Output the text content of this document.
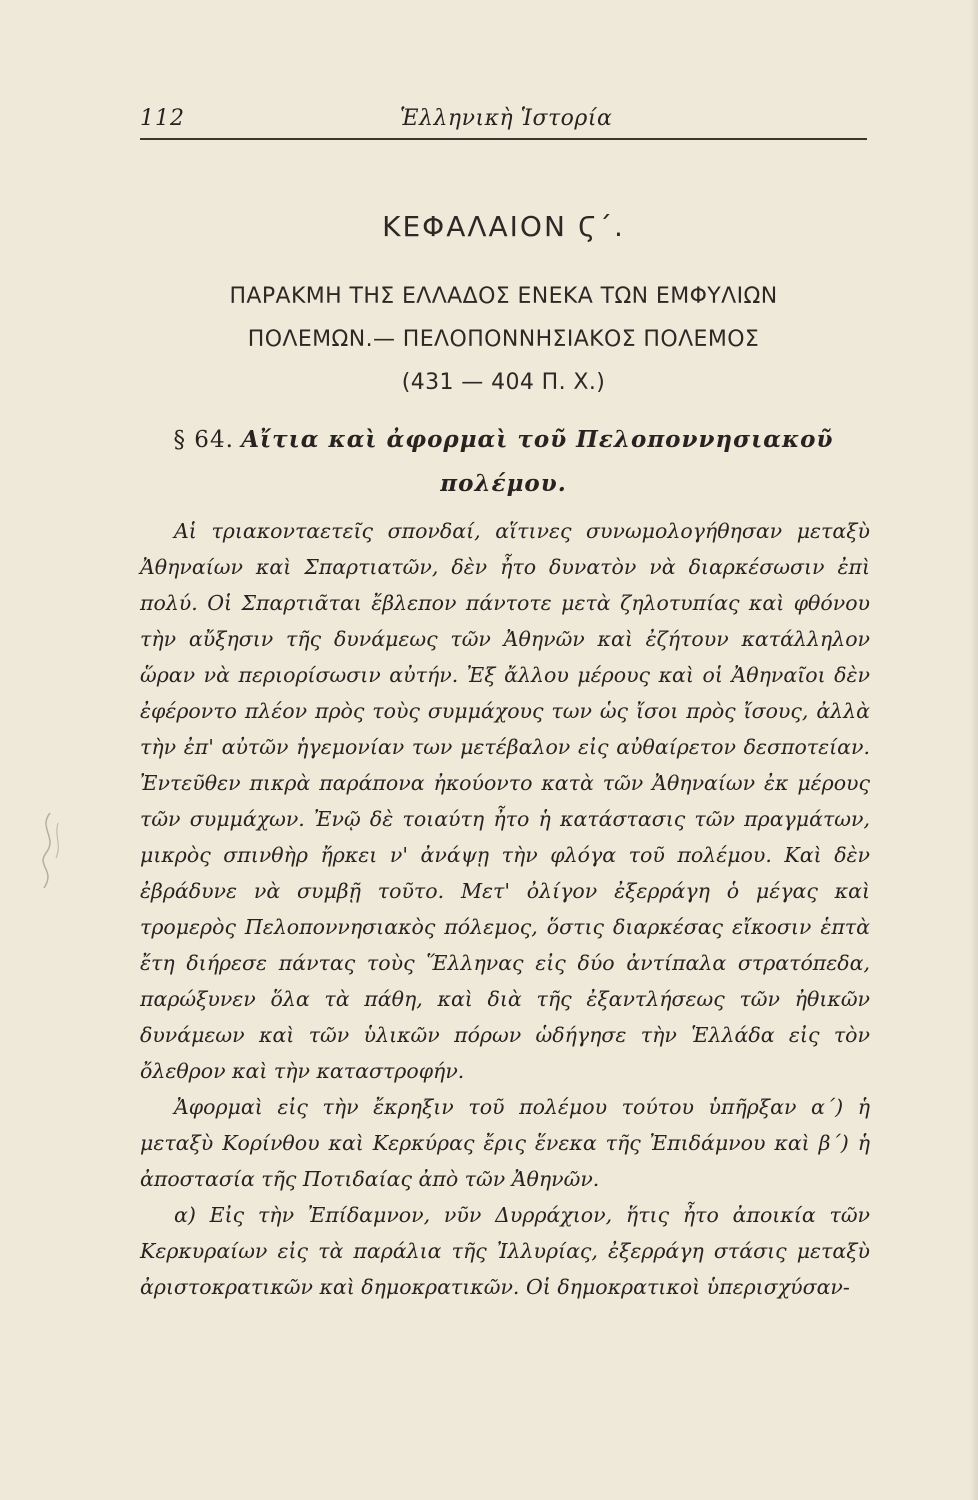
112	Ἑλληνικὴ Ἱστορία
ΚΕΦΑΛΑΙΟΝ Ϛ΄.
ΠΑΡΑΚΜΗ ΤΗΣ ΕΛΛΑΔΟΣ ΕΝΕΚΑ ΤΩΝ ΕΜΦΥΛΙΩΝ
ΠΟΛΕΜΩΝ.— ΠΕΛΟΠΟΝΝΗΣΙΑΚΟΣ ΠΟΛΕΜΟΣ
(431 — 404 Π. Χ.)
§ 64. Αἴτια καὶ ἀφορμαὶ τοῦ Πελοποννησιακοῦ
πολέμου.

Αἱ τριακονταετεῖς σπονδαί, αἵτινες συνωμολογήθησαν μεταξὺ Ἀθηναίων καὶ Σπαρτιατῶν, δὲν ἦτο δυνατὸν νὰ διαρκέσωσιν ἐπὶ πολύ. Οἱ Σπαρτιᾶται ἔβλεπον πάντοτε μετὰ ζηλοτυπίας καὶ φθόνου τὴν αὔξησιν τῆς δυνάμεως τῶν Ἀθηνῶν καὶ ἐζήτουν κατάλληλον ὥραν νὰ περιορίσωσιν αὐτήν. Ἐξ ἄλλου μέρους καὶ οἱ Ἀθηναῖοι δὲν ἐφέροντο πλέον πρὸς τοὺς συμμάχους των ὡς ἴσοι πρὸς ἴσους, ἀλλὰ τὴν ἐπ' αὐτῶν ἡγεμονίαν των μετέβαλον εἰς αὐθαίρετον δεσποτείαν. Ἐντεῦθεν πικρὰ παράπονα ἠκούοντο κατὰ τῶν Ἀθηναίων ἐκ μέρους τῶν συμμάχων. Ἐνῷ δὲ τοιαύτη ἦτο ἡ κατάστασις τῶν πραγμάτων, μικρὸς σπινθὴρ ἤρκει ν' ἀνάψῃ τὴν φλόγα τοῦ πολέμου. Καὶ δὲν ἐβράδυνε νὰ συμβῇ τοῦτο. Μετ' ὀλίγον ἐξερράγη ὁ μέγας καὶ τρομερὸς Πελοποννησιακὸς πόλεμος, ὅστις διαρκέσας εἴκοσιν ἑπτὰ ἔτη διήρεσε πάντας τοὺς Ἕλληνας εἰς δύο ἀντίπαλα στρατόπεδα, παρώξυνεν ὅλα τὰ πάθη, καὶ διὰ τῆς ἐξαντλήσεως τῶν ἠθικῶν δυνάμεων καὶ τῶν ὑλικῶν πόρων ὡδήγησε τὴν Ἑλλάδα εἰς τὸν ὄλεθρον καὶ τὴν καταστροφήν.

Ἀφορμαὶ εἰς τὴν ἔκρηξιν τοῦ πολέμου τούτου ὑπῆρξαν α΄) ἡ μεταξὺ Κορίνθου καὶ Κερκύρας ἔρις ἕνεκα τῆς Ἐπιδάμνου καὶ β΄) ἡ ἀποστασία τῆς Ποτιδαίας ἀπὸ τῶν Ἀθηνῶν.

α) Εἰς τὴν Ἐπίδαμνον, νῦν Δυρράχιον, ἥτις ἦτο ἀποικία τῶν Κερκυραίων εἰς τὰ παράλια τῆς Ἰλλυρίας, ἐξερράγη στάσις μεταξὺ ἀριστοκρατικῶν καὶ δημοκρατικῶν. Οἱ δημοκρατικοὶ ὑπερισχύσαν-
